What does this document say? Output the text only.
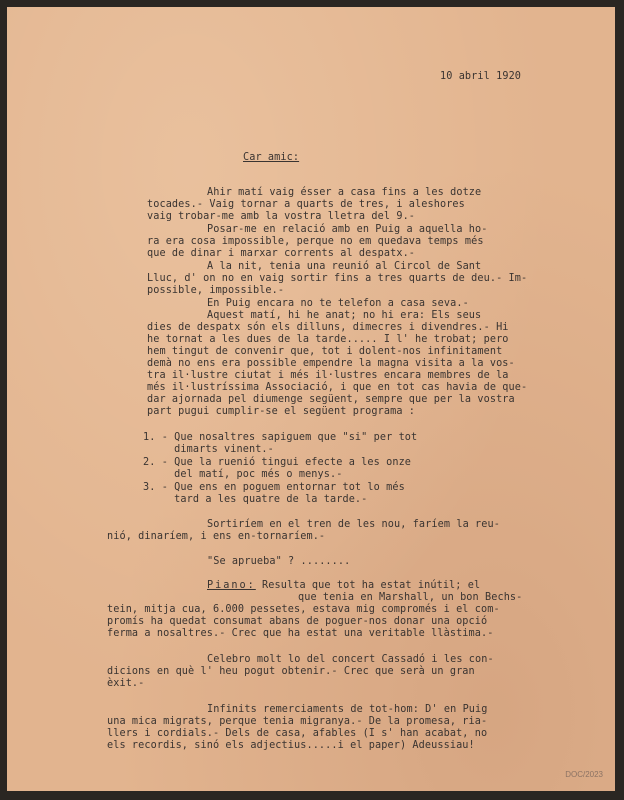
10 abril 1920
Car amic:
Ahir matí vaig ésser a casa fins a les dotze
tocades.- Vaig tornar a quarts de tres, i aleshores
vaig trobar-me amb la vostra lletra del 9.-
Posar-me en relació amb en Puig a aquella ho-
ra era cosa impossible, perque no em quedava temps més
que de dinar i marxar corrents al despatx.-
A la nit, tenia una reunió al Circol de Sant
Lluc, d' on no en vaig sortir fins a tres quarts de deu.- Im-
possible, impossible.-
En Puig encara no te telefon a casa seva.-
Aquest matí, hi he anat; no hi era: Els seus
dies de despatx són els dilluns, dimecres i divendres.- Hi
he tornat a les dues de la tarde..... I l' he trobat; pero
hem tingut de convenir que, tot i dolent-nos infinitament
demà no ens era possible empendre la magna visita a la vos-
tra il·lustre ciutat i més il·lustres encara membres de la
més il·lustríssima Associació, i que en tot cas havia de que-
dar ajornada pel diumenge següent, sempre que per la vostra
part pugui cumplir-se el següent programa :
1. - Que nosaltres sapiguem que "si" per tot
dimarts vinent.-
2. - Que la ruenió tingui efecte a les onze
del matí, poc més o menys.-
3. - Que ens en poguem entornar tot lo més
tard a les quatre de la tarde.-
Sortiríem en el tren de les nou, faríem la reu-
nió, dinaríem, i ens en-tornaríem.-
"Se aprueba" ? ........
Piano: Resulta que tot ha estat inútil; el
que tenia en Marshall, un bon Bechs-
tein, mitja cua, 6.000 pessetes, estava mig compromés i el com-
promís ha quedat consumat abans de poguer-nos donar una opció
ferma a nosaltres.- Crec que ha estat una veritable llàstima.-
Celebro molt lo del concert Cassadó i les con-
dicions en què l' heu pogut obtenir.- Crec que serà un gran
èxit.-
Infinits remerciaments de tot-hom: D' en Puig
una mica migrats, perque tenia migranya.- De la promesa, ria-
llers i cordials.- Dels de casa, afables (I s' han acabat, no
els recordis, sinó els adjectius.....i el paper) Adeussiau!
DOC/2023
